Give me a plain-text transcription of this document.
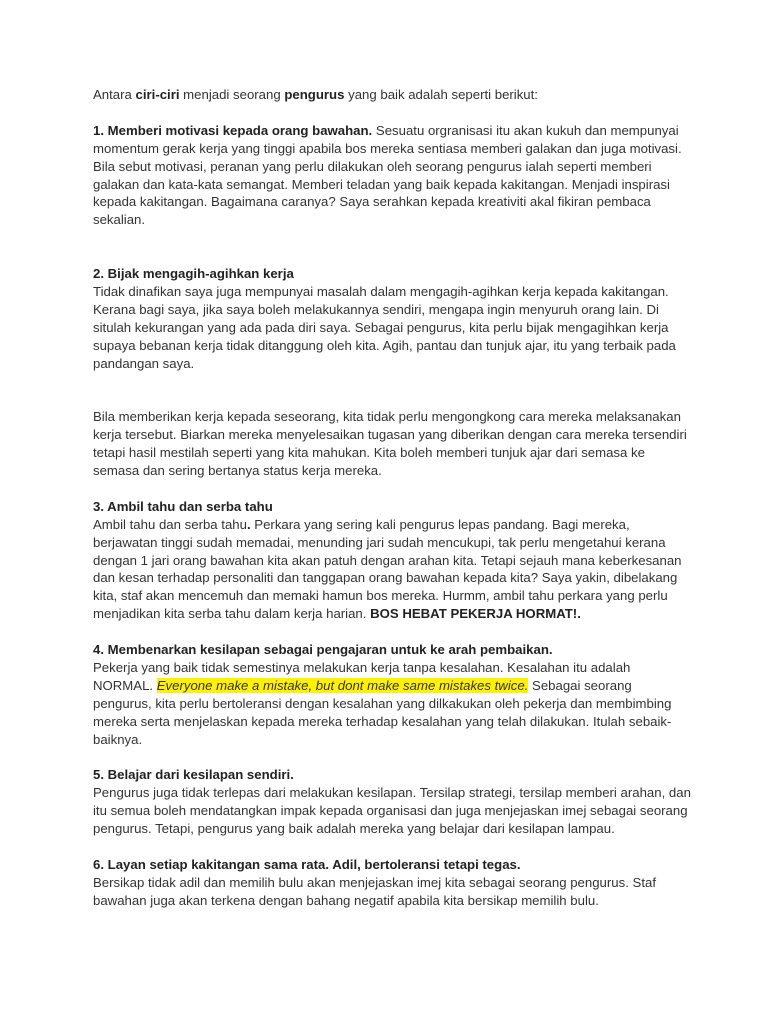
Antara ciri-ciri menjadi seorang pengurus yang baik adalah seperti berikut:

1. Memberi motivasi kepada orang bawahan. Sesuatu orgranisasi itu akan kukuh dan mempunyai momentum gerak kerja yang tinggi apabila bos mereka sentiasa memberi galakan dan juga motivasi. Bila sebut motivasi, peranan yang perlu dilakukan oleh seorang pengurus ialah seperti memberi galakan dan kata-kata semangat. Memberi teladan yang baik kepada kakitangan. Menjadi inspirasi kepada kakitangan. Bagaimana caranya? Saya serahkan kepada kreativiti akal fikiran pembaca sekalian.

2. Bijak mengagih-agihkan kerja

Tidak dinafikan saya juga mempunyai masalah dalam mengagih-agihkan kerja kepada kakitangan. Kerana bagi saya, jika saya boleh melakukannya sendiri, mengapa ingin menyuruh orang lain. Di situlah kekurangan yang ada pada diri saya. Sebagai pengurus, kita perlu bijak mengagihkan kerja supaya bebanan kerja tidak ditanggung oleh kita. Agih, pantau dan tunjuk ajar, itu yang terbaik pada pandangan saya.

Bila memberikan kerja kepada seseorang, kita tidak perlu mengongkong cara mereka melaksanakan kerja tersebut. Biarkan mereka menyelesaikan tugasan yang diberikan dengan cara mereka tersendiri tetapi hasil mestilah seperti yang kita mahukan. Kita boleh memberi tunjuk ajar dari semasa ke semasa dan sering bertanya status kerja mereka.

3. Ambil tahu dan serba tahu

Ambil tahu dan serba tahu. Perkara yang sering kali pengurus lepas pandang. Bagi mereka, berjawatan tinggi sudah memadai, menunding jari sudah mencukupi, tak perlu mengetahui kerana dengan 1 jari orang bawahan kita akan patuh dengan arahan kita. Tetapi sejauh mana keberkesanan dan kesan terhadap personaliti dan tanggapan orang bawahan kepada kita? Saya yakin, dibelakang kita, staf akan mencemuh dan memaki hamun bos mereka. Hurmm, ambil tahu perkara yang perlu menjadikan kita serba tahu dalam kerja harian. BOS HEBAT PEKERJA HORMAT!.

4. Membenarkan kesilapan sebagai pengajaran untuk ke arah pembaikan.

Pekerja yang baik tidak semestinya melakukan kerja tanpa kesalahan. Kesalahan itu adalah NORMAL. Everyone make a mistake, but dont make same mistakes twice. Sebagai seorang pengurus, kita perlu bertoleransi dengan kesalahan yang dilkakukan oleh pekerja dan membimbing mereka serta menjelaskan kepada mereka terhadap kesalahan yang telah dilakukan. Itulah sebaik-baiknya.

5. Belajar dari kesilapan sendiri.

Pengurus juga tidak terlepas dari melakukan kesilapan. Tersilap strategi, tersilap memberi arahan, dan itu semua boleh mendatangkan impak kepada organisasi dan juga menjejaskan imej sebagai seorang pengurus. Tetapi, pengurus yang baik adalah mereka yang belajar dari kesilapan lampau.

6. Layan setiap kakitangan sama rata. Adil, bertoleransi tetapi tegas.

Bersikap tidak adil dan memilih bulu akan menjejaskan imej kita sebagai seorang pengurus. Staf bawahan juga akan terkena dengan bahang negatif apabila kita bersikap memilih bulu.
